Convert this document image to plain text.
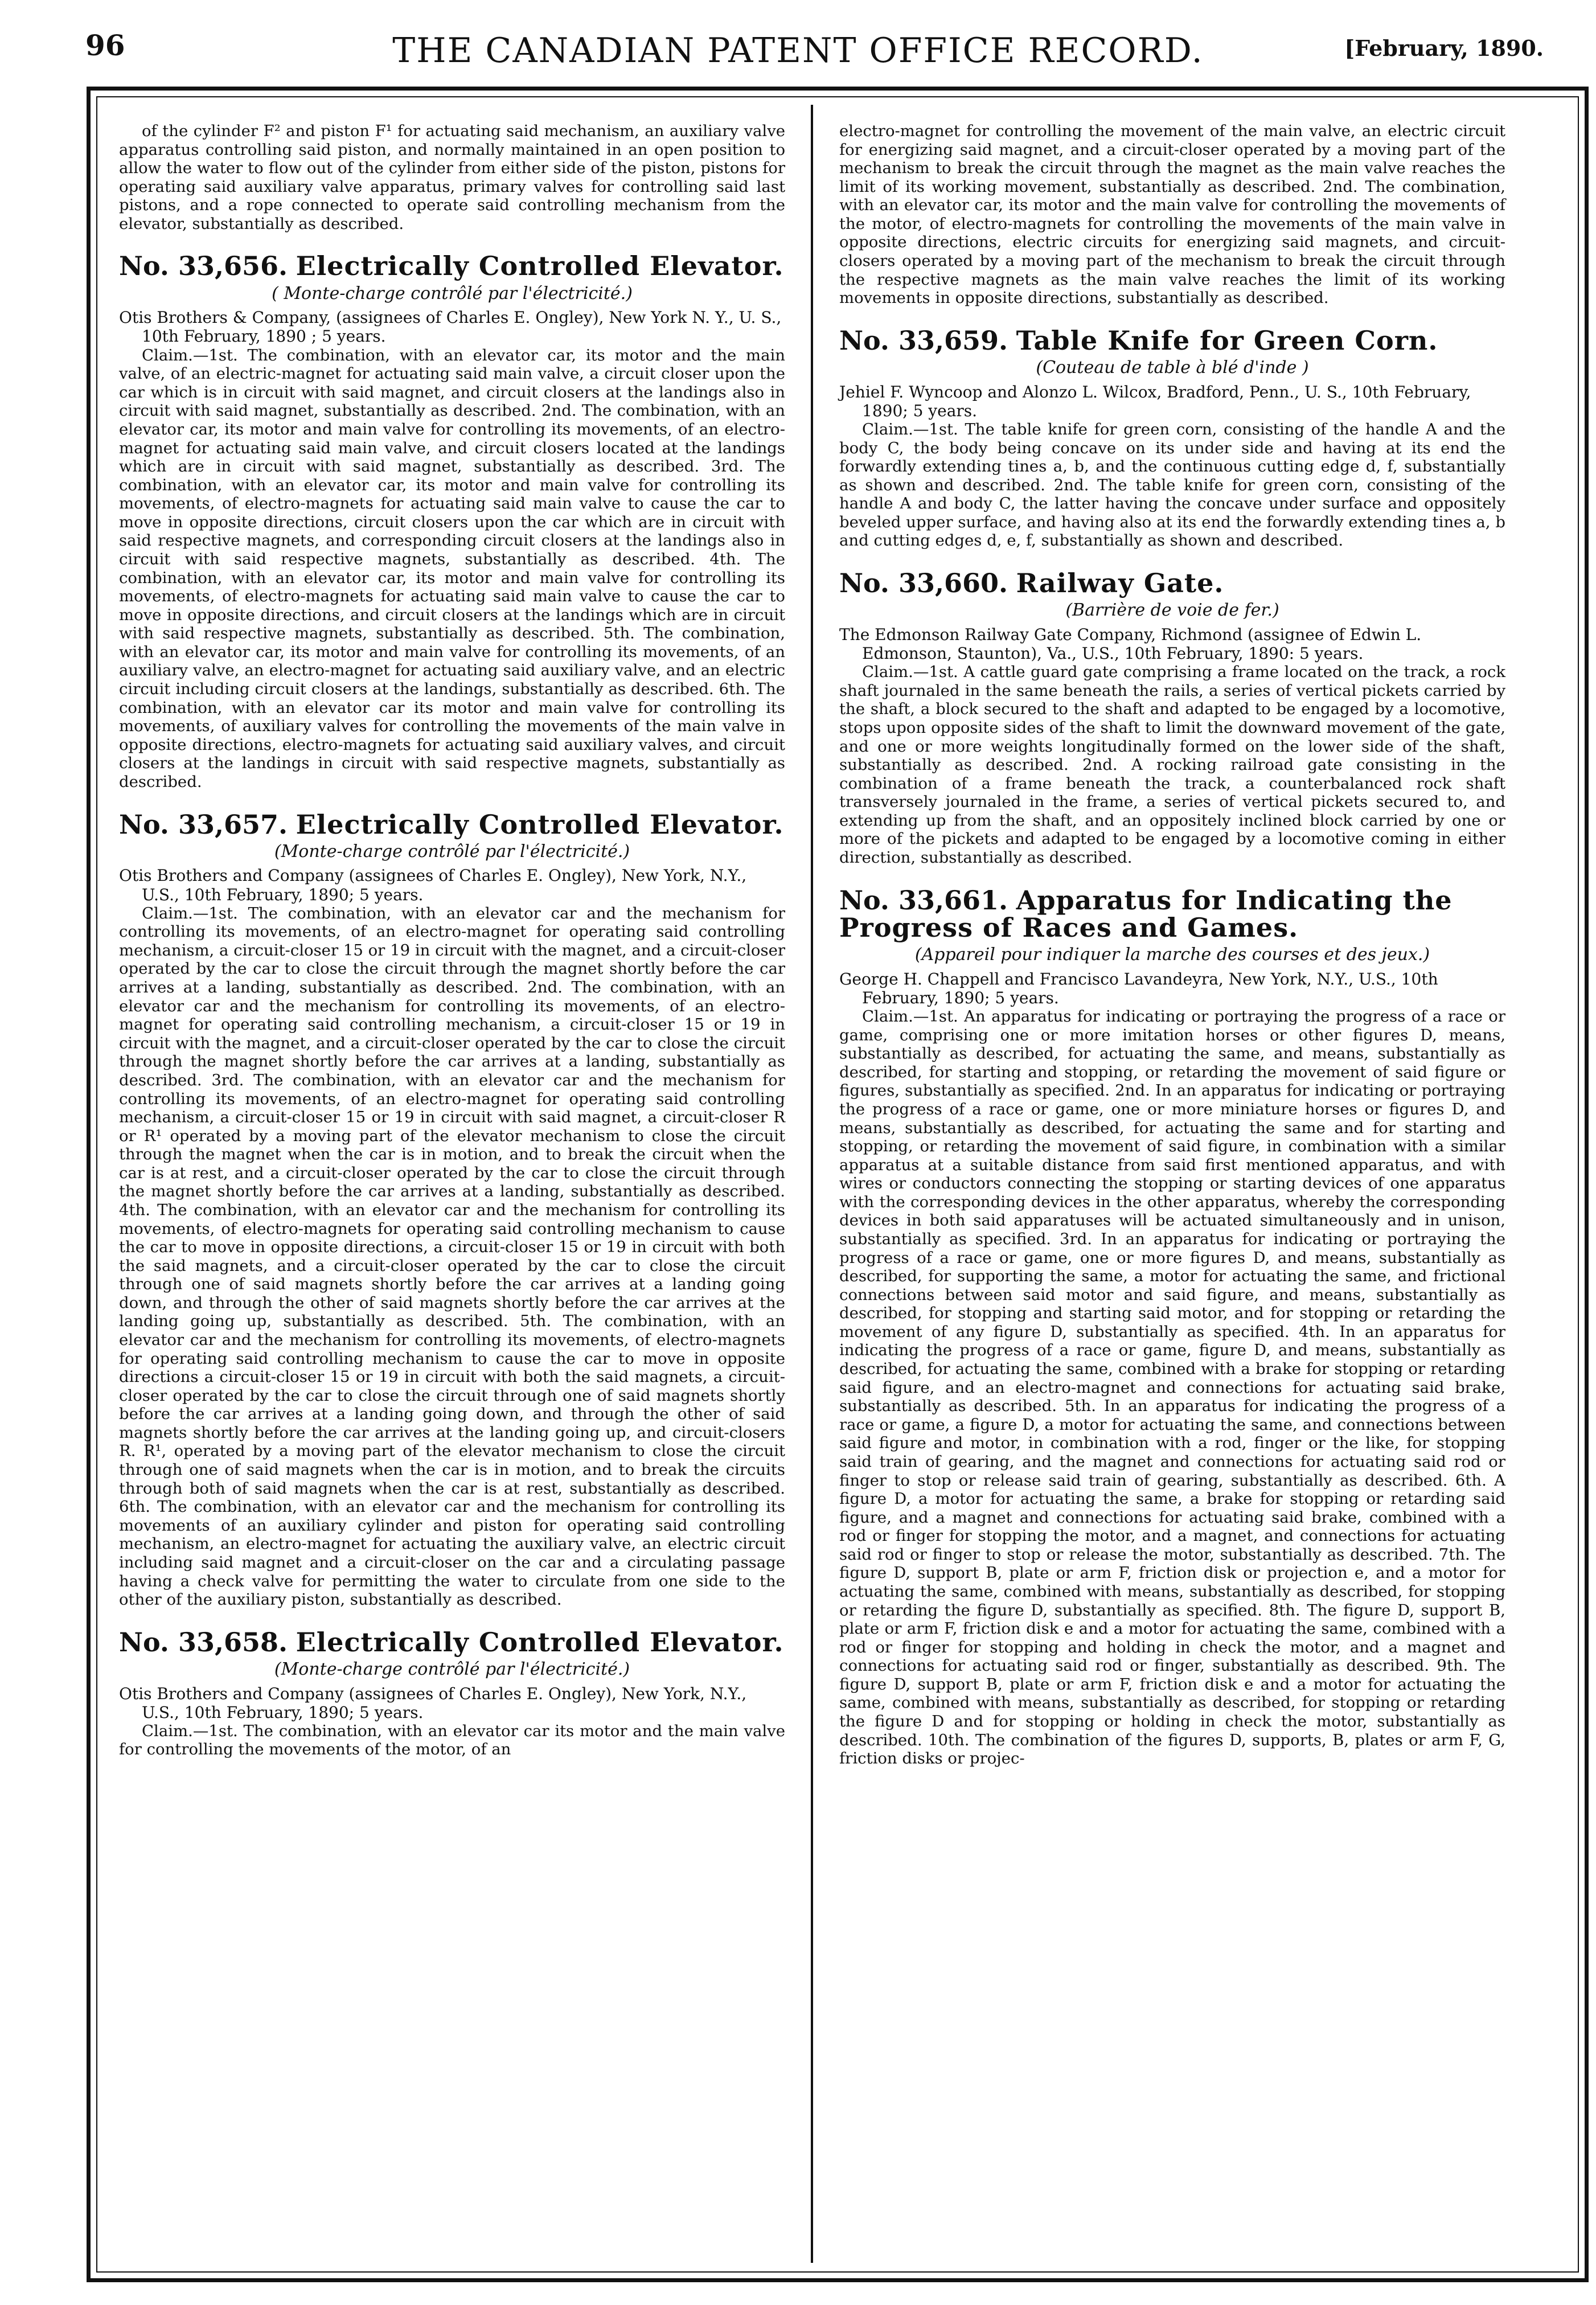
96	THE CANADIAN PATENT OFFICE RECORD.	[February, 1890.

of the cylinder F² and piston F¹ for actuating said mechanism, an auxiliary valve apparatus controlling said piston, and normally maintained in an open position to allow the water to flow out of the cylinder from either side of the piston, pistons for operating said auxiliary valve apparatus, primary valves for controlling said last pistons, and a rope connected to operate said controlling mechanism from the elevator, substantially as described.

No. 33,656. Electrically Controlled Elevator.
( Monte-charge contrôlé par l'électricité.)

Otis Brothers & Company, (assignees of Charles E. Ongley), New York N. Y., U. S., 10th February, 1890 ; 5 years.

Claim.—1st. The combination, with an elevator car, its motor and the main valve, of an electric-magnet for actuating said main valve, a circuit closer upon the car which is in circuit with said magnet, and circuit closers at the landings also in circuit with said magnet, substantially as described. 2nd. The combination, with an elevator car, its motor and main valve for controlling its movements, of an electro-magnet for actuating said main valve, and circuit closers located at the landings which are in circuit with said magnet, substantially as described. 3rd. The combination, with an elevator car, its motor and main valve for controlling its movements, of electro-magnets for actuating said main valve to cause the car to move in opposite directions, circuit closers upon the car which are in circuit with said respective magnets, and corresponding circuit closers at the landings also in circuit with said respective magnets, substantially as described. 4th. The combination, with an elevator car, its motor and main valve for controlling its movements, of electro-magnets for actuating said main valve to cause the car to move in opposite directions, and circuit closers at the landings which are in circuit with said respective magnets, substantially as described. 5th. The combination, with an elevator car, its motor and main valve for controlling its movements, of an auxiliary valve, an electro-magnet for actuating said auxiliary valve, and an electric circuit including circuit closers at the landings, substantially as described. 6th. The combination, with an elevator car its motor and main valve for controlling its movements, of auxiliary valves for controlling the movements of the main valve in opposite directions, electro-magnets for actuating said auxiliary valves, and circuit closers at the landings in circuit with said respective magnets, substantially as described.

No. 33,657. Electrically Controlled Elevator.
(Monte-charge contrôlé par l'électricité.)

Otis Brothers and Company (assignees of Charles E. Ongley), New York, N.Y., U.S., 10th February, 1890; 5 years.

Claim.—1st. The combination, with an elevator car and the mechanism for controlling its movements, of an electro-magnet for operating said controlling mechanism, a circuit-closer 15 or 19 in circuit with the magnet, and a circuit-closer operated by the car to close the circuit through the magnet shortly before the car arrives at a landing, substantially as described. 2nd. The combination, with an elevator car and the mechanism for controlling its movements, of an electro-magnet for operating said controlling mechanism, a circuit-closer 15 or 19 in circuit with the magnet, and a circuit-closer operated by the car to close the circuit through the magnet shortly before the car arrives at a landing, substantially as described. 3rd. The combination, with an elevator car and the mechanism for controlling its movements, of an electro-magnet for operating said controlling mechanism, a circuit-closer 15 or 19 in circuit with said magnet, a circuit-closer R or R¹ operated by a moving part of the elevator mechanism to close the circuit through the magnet when the car is in motion, and to break the circuit when the car is at rest, and a circuit-closer operated by the car to close the circuit through the magnet shortly before the car arrives at a landing, substantially as described. 4th. The combination, with an elevator car and the mechanism for controlling its movements, of electro-magnets for operating said controlling mechanism to cause the car to move in opposite directions, a circuit-closer 15 or 19 in circuit with both the said magnets, and a circuit-closer operated by the car to close the circuit through one of said magnets shortly before the car arrives at a landing going down, and through the other of said magnets shortly before the car arrives at the landing going up, substantially as described. 5th. The combination, with an elevator car and the mechanism for controlling its movements, of electro-magnets for operating said controlling mechanism to cause the car to move in opposite directions a circuit-closer 15 or 19 in circuit with both the said magnets, a circuit-closer operated by the car to close the circuit through one of said magnets shortly before the car arrives at a landing going down, and through the other of said magnets shortly before the car arrives at the landing going up, and circuit-closers R. R¹, operated by a moving part of the elevator mechanism to close the circuit through one of said magnets when the car is in motion, and to break the circuits through both of said magnets when the car is at rest, substantially as described. 6th. The combination, with an elevator car and the mechanism for controlling its movements of an auxiliary cylinder and piston for operating said controlling mechanism, an electro-magnet for actuating the auxiliary valve, an electric circuit including said magnet and a circuit-closer on the car and a circulating passage having a check valve for permitting the water to circulate from one side to the other of the auxiliary piston, substantially as described.

No. 33,658. Electrically Controlled Elevator.
(Monte-charge contrôlé par l'électricité.)

Otis Brothers and Company (assignees of Charles E. Ongley), New York, N.Y., U.S., 10th February, 1890; 5 years.

Claim.—1st. The combination, with an elevator car its motor and the main valve for controlling the movements of the motor, of an

electro-magnet for controlling the movement of the main valve, an electric circuit for energizing said magnet, and a circuit-closer operated by a moving part of the mechanism to break the circuit through the magnet as the main valve reaches the limit of its working movement, substantially as described. 2nd. The combination, with an elevator car, its motor and the main valve for controlling the movements of the motor, of electro-magnets for controlling the movements of the main valve in opposite directions, electric circuits for energizing said magnets, and circuit-closers operated by a moving part of the mechanism to break the circuit through the respective magnets as the main valve reaches the limit of its working movements in opposite directions, substantially as described.

No. 33,659. Table Knife for Green Corn.
(Couteau de table à blé d'inde )

Jehiel F. Wyncoop and Alonzo L. Wilcox, Bradford, Penn., U. S., 10th February, 1890; 5 years.

Claim.—1st. The table knife for green corn, consisting of the handle A and the body C, the body being concave on its under side and having at its end the forwardly extending tines a, b, and the continuous cutting edge d, f, substantially as shown and described. 2nd. The table knife for green corn, consisting of the handle A and body C, the latter having the concave under surface and oppositely beveled upper surface, and having also at its end the forwardly extending tines a, b and cutting edges d, e, f, substantially as shown and described.

No. 33,660. Railway Gate.
(Barrière de voie de fer.)

The Edmonson Railway Gate Company, Richmond (assignee of Edwin L. Edmonson, Staunton), Va., U.S., 10th February, 1890: 5 years.

Claim.—1st. A cattle guard gate comprising a frame located on the track, a rock shaft journaled in the same beneath the rails, a series of vertical pickets carried by the shaft, a block secured to the shaft and adapted to be engaged by a locomotive, stops upon opposite sides of the shaft to limit the downward movement of the gate, and one or more weights longitudinally formed on the lower side of the shaft, substantially as described. 2nd. A rocking railroad gate consisting in the combination of a frame beneath the track, a counterbalanced rock shaft transversely journaled in the frame, a series of vertical pickets secured to, and extending up from the shaft, and an oppositely inclined block carried by one or more of the pickets and adapted to be engaged by a locomotive coming in either direction, substantially as described.

No. 33,661. Apparatus for Indicating the Progress of Races and Games.
(Appareil pour indiquer la marche des courses et des jeux.)

George H. Chappell and Francisco Lavandeyra, New York, N.Y., U.S., 10th February, 1890; 5 years.

Claim.—1st. An apparatus for indicating or portraying the progress of a race or game, comprising one or more imitation horses or other figures D, means, substantially as described, for actuating the same, and means, substantially as described, for starting and stopping, or retarding the movement of said figure or figures, substantially as specified. 2nd. In an apparatus for indicating or portraying the progress of a race or game, one or more miniature horses or figures D, and means, substantially as described, for actuating the same and for starting and stopping, or retarding the movement of said figure, in combination with a similar apparatus at a suitable distance from said first mentioned apparatus, and with wires or conductors connecting the stopping or starting devices of one apparatus with the corresponding devices in the other apparatus, whereby the corresponding devices in both said apparatuses will be actuated simultaneously and in unison, substantially as specified. 3rd. In an apparatus for indicating or portraying the progress of a race or game, one or more figures D, and means, substantially as described, for supporting the same, a motor for actuating the same, and frictional connections between said motor and said figure, and means, substantially as described, for stopping and starting said motor, and for stopping or retarding the movement of any figure D, substantially as specified. 4th. In an apparatus for indicating the progress of a race or game, figure D, and means, substantially as described, for actuating the same, combined with a brake for stopping or retarding said figure, and an electro-magnet and connections for actuating said brake, substantially as described. 5th. In an apparatus for indicating the progress of a race or game, a figure D, a motor for actuating the same, and connections between said figure and motor, in combination with a rod, finger or the like, for stopping said train of gearing, and the magnet and connections for actuating said rod or finger to stop or release said train of gearing, substantially as described. 6th. A figure D, a motor for actuating the same, a brake for stopping or retarding said figure, and a magnet and connections for actuating said brake, combined with a rod or finger for stopping the motor, and a magnet, and connections for actuating said rod or finger to stop or release the motor, substantially as described. 7th. The figure D, support B, plate or arm F, friction disk or projection e, and a motor for actuating the same, combined with means, substantially as described, for stopping or retarding the figure D, substantially as specified. 8th. The figure D, support B, plate or arm F, friction disk e and a motor for actuating the same, combined with a rod or finger for stopping and holding in check the motor, and a magnet and connections for actuating said rod or finger, substantially as described. 9th. The figure D, support B, plate or arm F, friction disk e and a motor for actuating the same, combined with means, substantially as described, for stopping or retarding the figure D and for stopping or holding in check the motor, substantially as described. 10th. The combination of the figures D, supports, B, plates or arm F, G, friction disks or projec-
